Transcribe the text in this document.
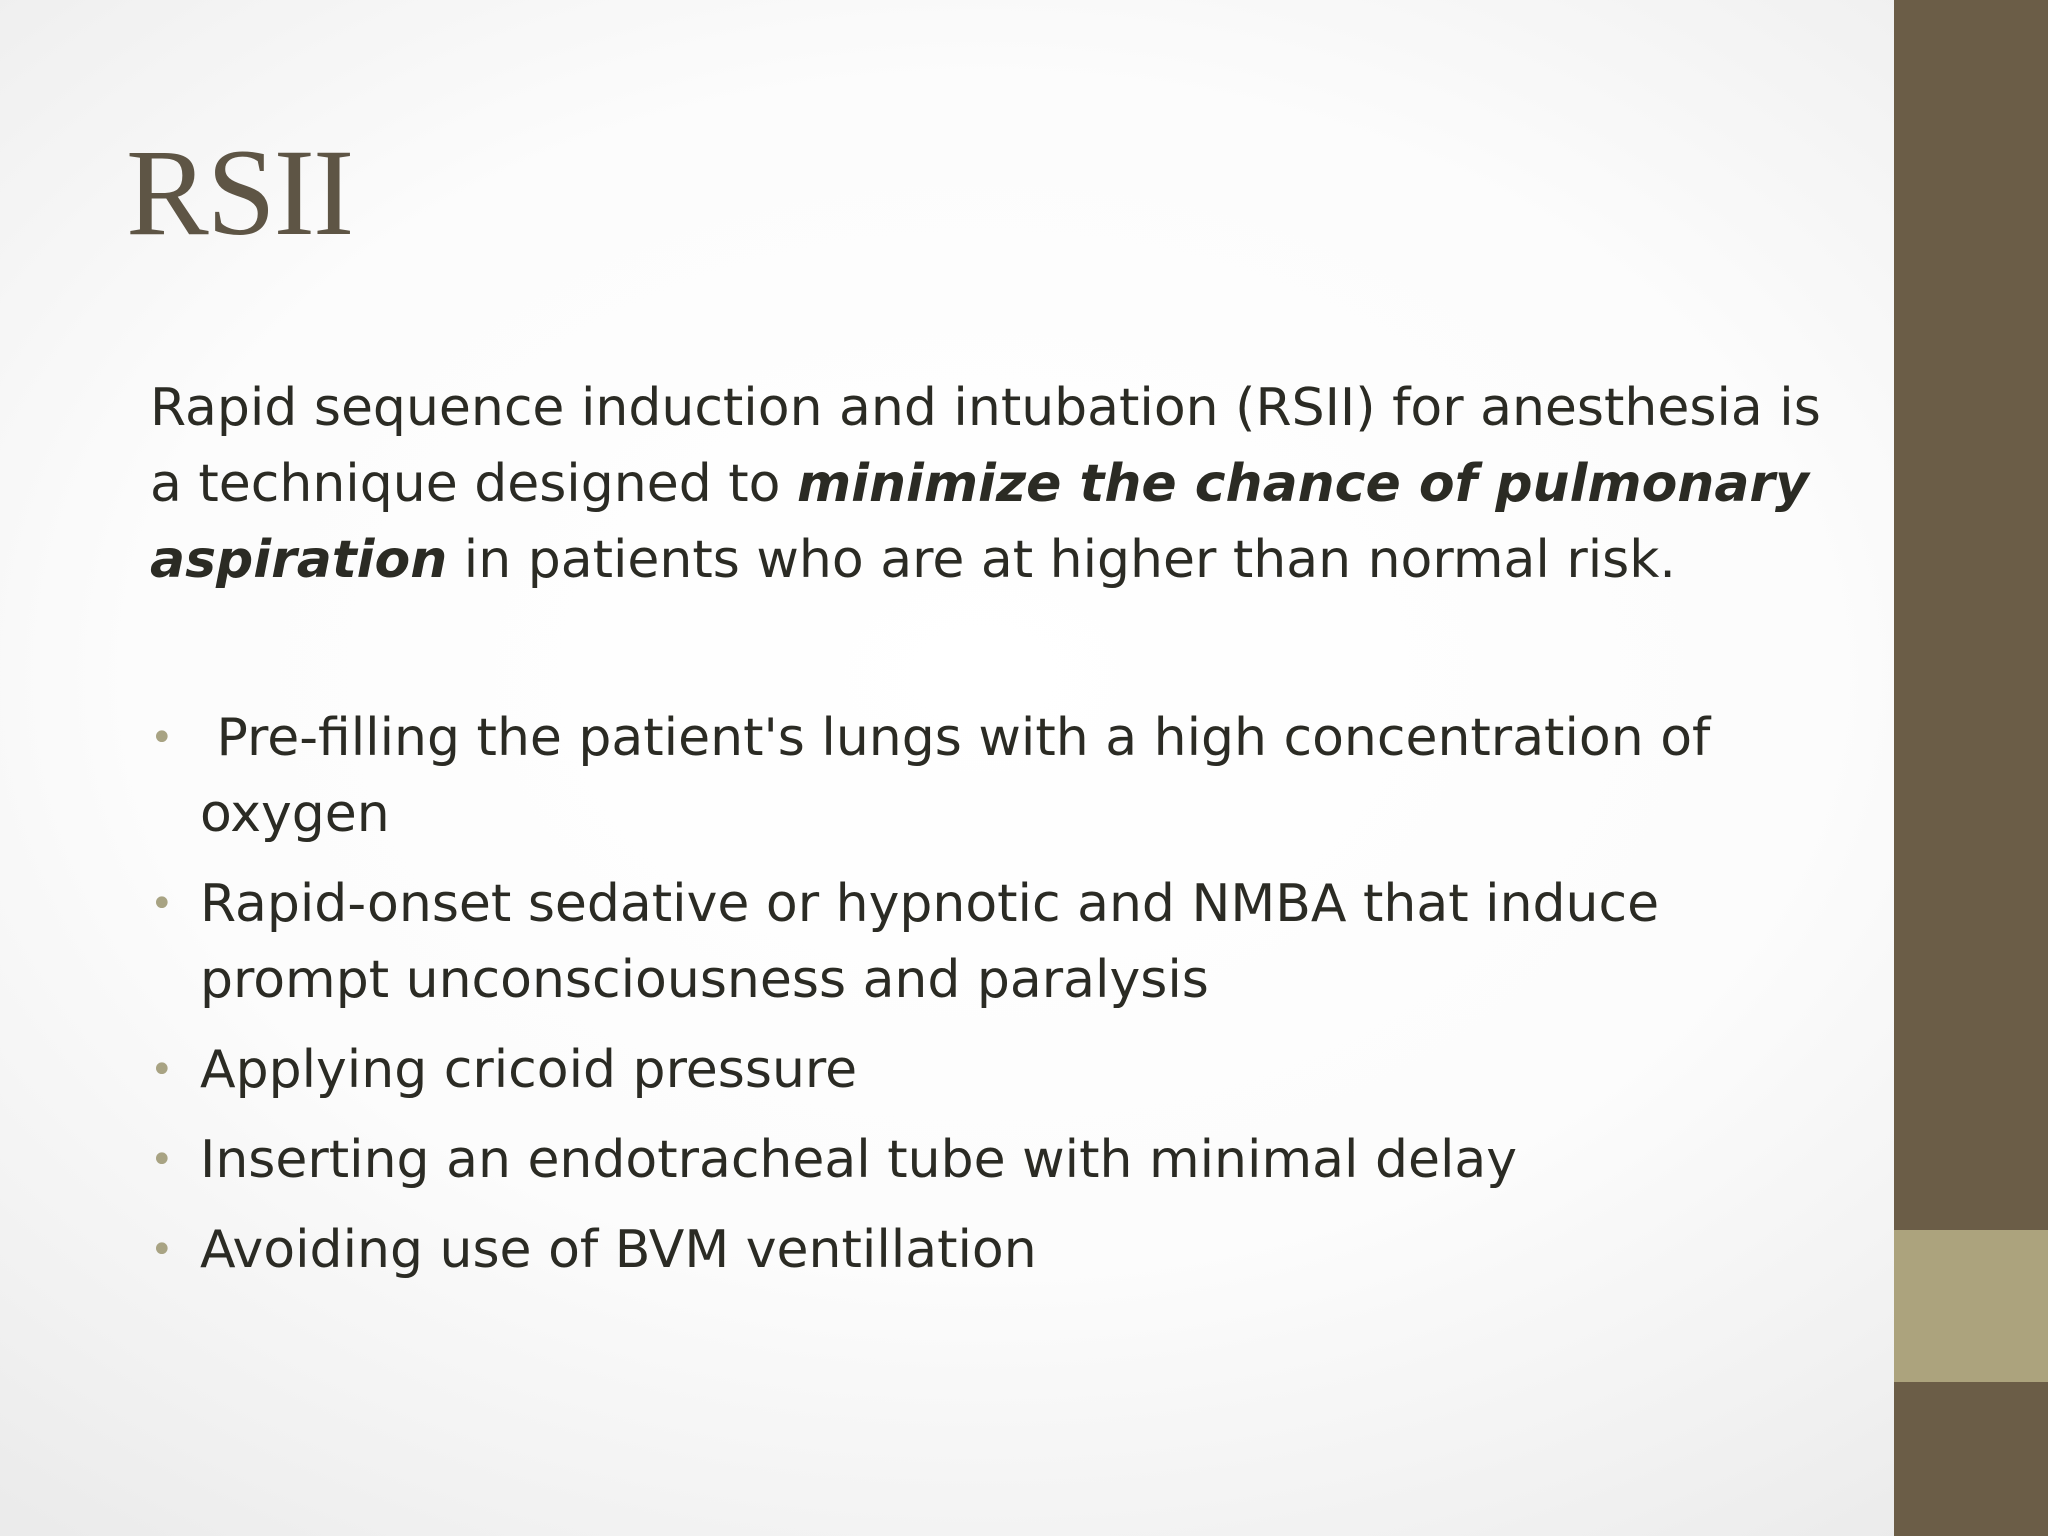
RSII

Rapid sequence induction and intubation (RSII) for anesthesia is a technique designed to minimize the chance of pulmonary aspiration in patients who are at higher than normal risk.

• Pre-filling the patient's lungs with a high concentration of oxygen
• Rapid-onset sedative or hypnotic and NMBA that induce prompt unconsciousness and paralysis
• Applying cricoid pressure
• Inserting an endotracheal tube with minimal delay
• Avoiding use of BVM ventillation
